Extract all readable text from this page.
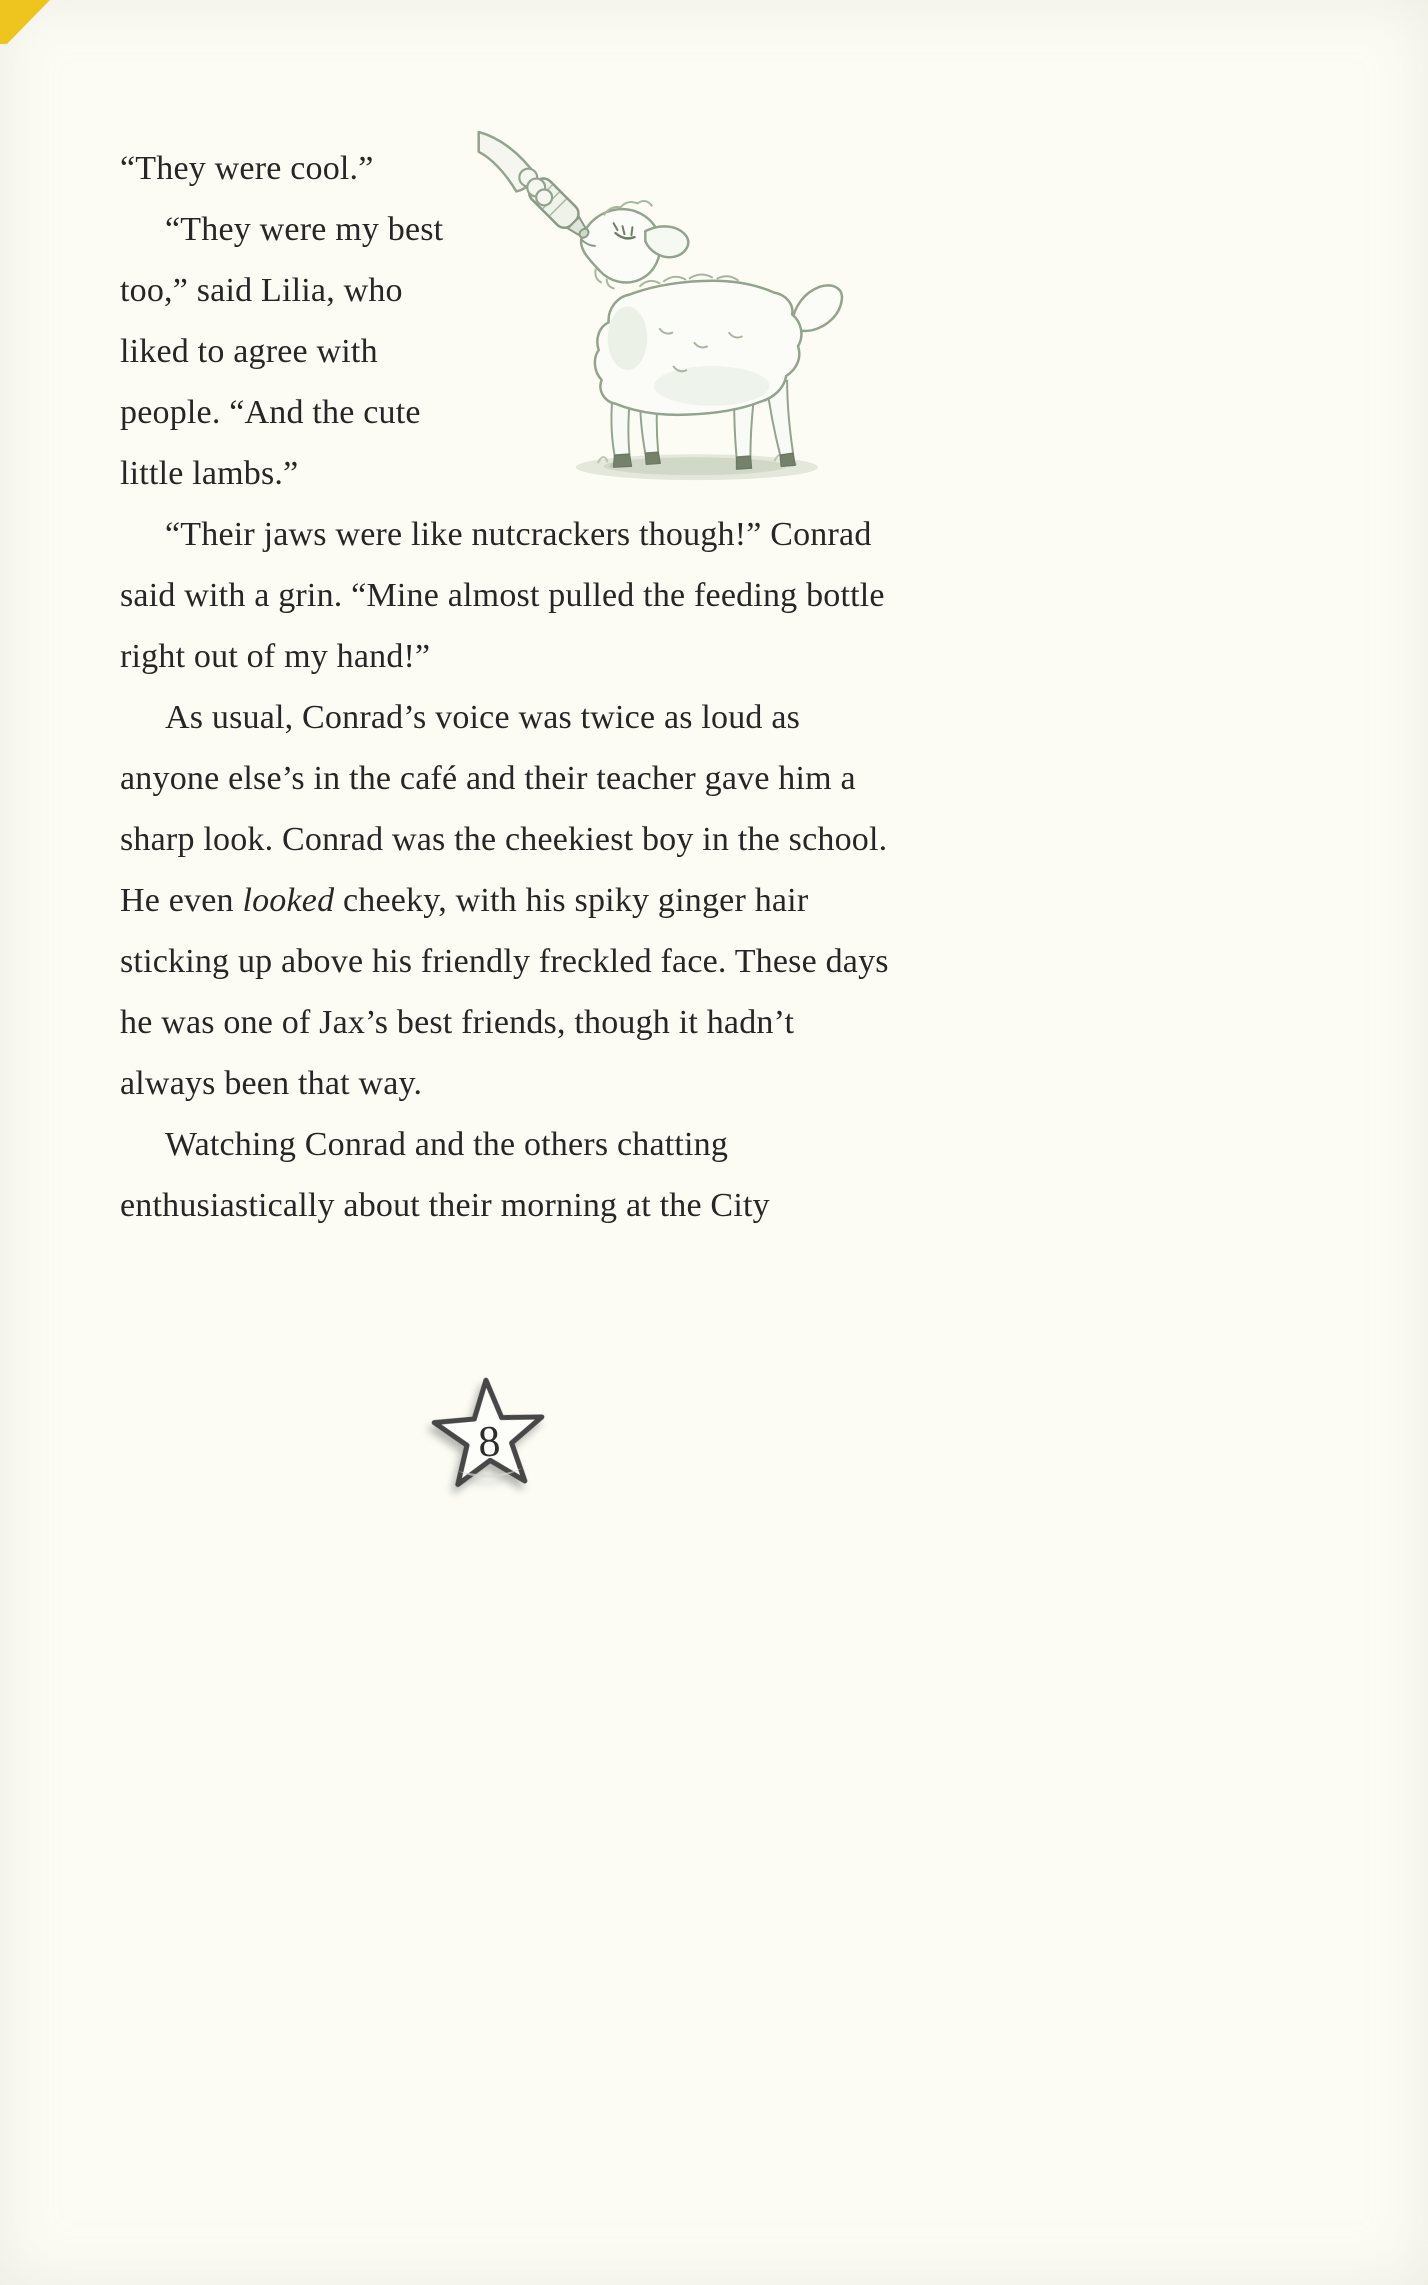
“They were cool.”

“They were my best too,” said Lilia, who liked to agree with people. “And the cute little lambs.”

“Their jaws were like nutcrackers though!” Conrad said with a grin. “Mine almost pulled the feeding bottle right out of my hand!”

As usual, Conrad’s voice was twice as loud as anyone else’s in the café and their teacher gave him a sharp look. Conrad was the cheekiest boy in the school. He even looked cheeky, with his spiky ginger hair sticking up above his friendly freckled face. These days he was one of Jax’s best friends, though it hadn’t always been that way.

Watching Conrad and the others chatting enthusiastically about their morning at the City

8
